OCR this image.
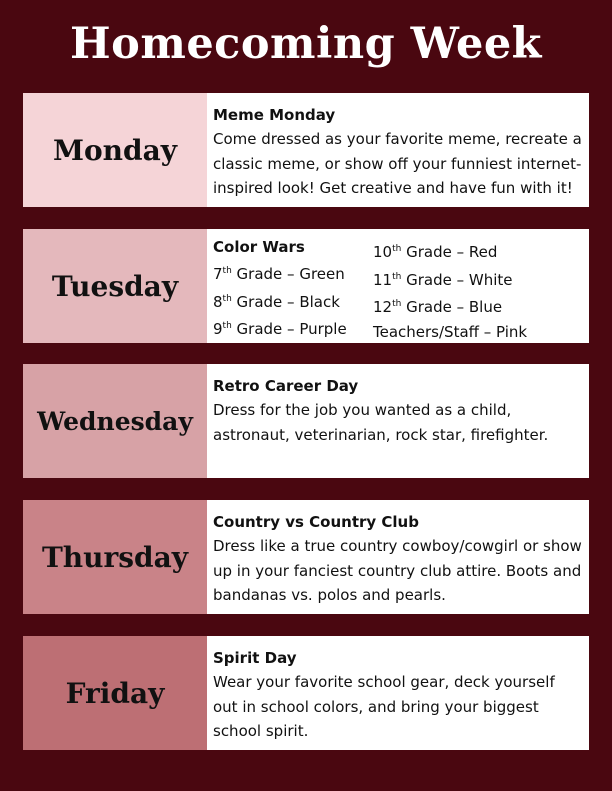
Homecoming Week
Monday
Meme Monday
Come dressed as your favorite meme, recreate a classic meme, or show off your funniest internet-inspired look! Get creative and have fun with it!
Tuesday
Color Wars
7th Grade – Green
8th Grade – Black
9th Grade – Purple
10th Grade – Red
11th Grade – White
12th Grade – Blue
Teachers/Staff – Pink
Wednesday
Retro Career Day
Dress for the job you wanted as a child, astronaut, veterinarian, rock star, firefighter.
Thursday
Country vs Country Club
Dress like a true country cowboy/cowgirl or show up in your fanciest country club attire. Boots and bandanas vs. polos and pearls.
Friday
Spirit Day
Wear your favorite school gear, deck yourself out in school colors, and bring your biggest school spirit.
